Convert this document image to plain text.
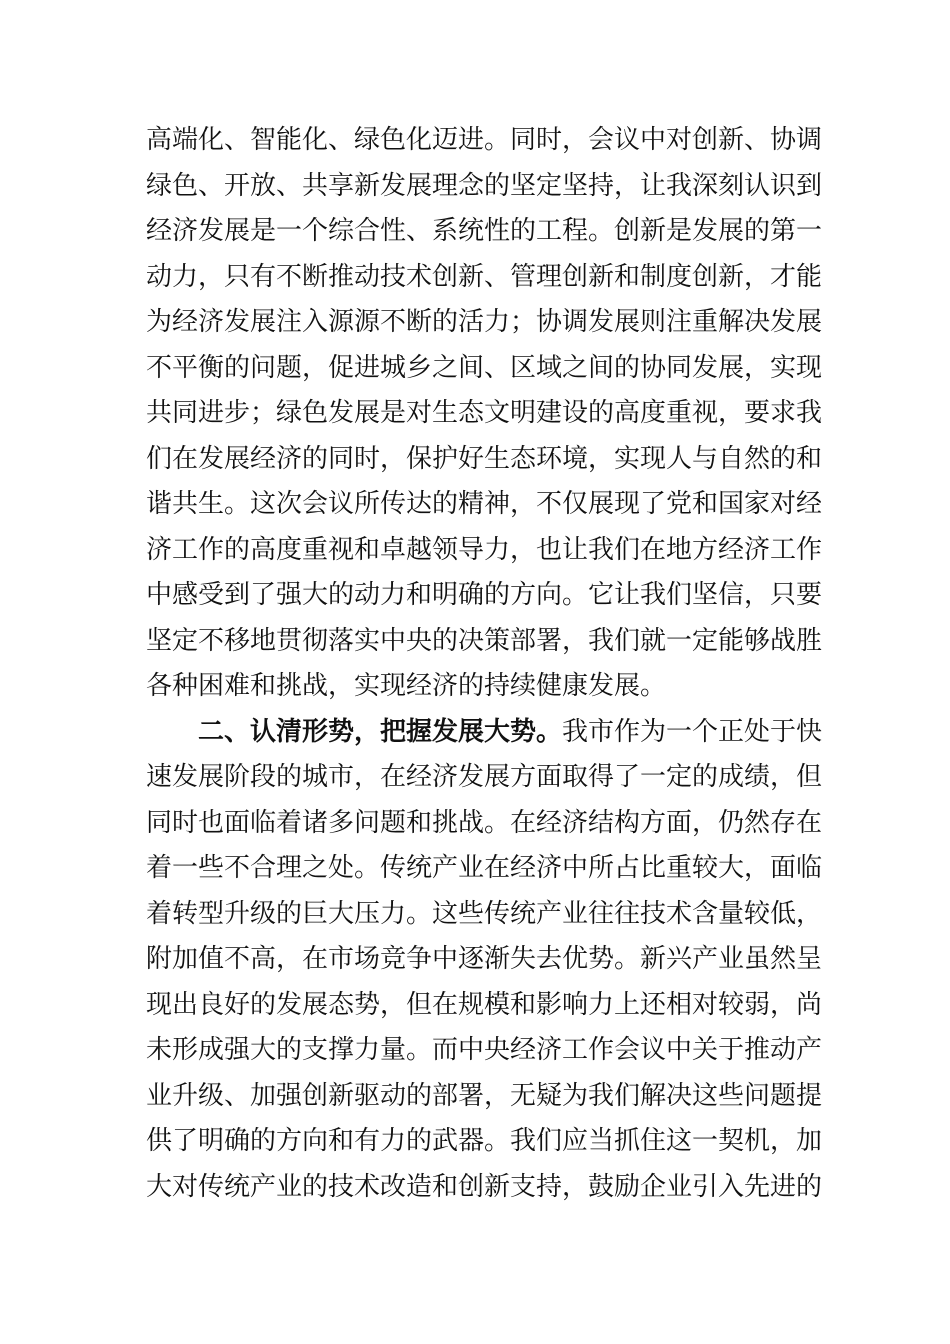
高端化、智能化、绿色化迈进。同时，会议中对创新、协调
绿色、开放、共享新发展理念的坚定坚持，让我深刻认识到
经济发展是一个综合性、系统性的工程。创新是发展的第一
动力，只有不断推动技术创新、管理创新和制度创新，才能
为经济发展注入源源不断的活力；协调发展则注重解决发展
不平衡的问题，促进城乡之间、区域之间的协同发展，实现
共同进步；绿色发展是对生态文明建设的高度重视，要求我
们在发展经济的同时，保护好生态环境，实现人与自然的和
谐共生。这次会议所传达的精神，不仅展现了党和国家对经
济工作的高度重视和卓越领导力，也让我们在地方经济工作
中感受到了强大的动力和明确的方向。它让我们坚信，只要
坚定不移地贯彻落实中央的决策部署，我们就一定能够战胜
各种困难和挑战，实现经济的持续健康发展。
二、认清形势，把握发展大势。我市作为一个正处于快
速发展阶段的城市，在经济发展方面取得了一定的成绩，但
同时也面临着诸多问题和挑战。在经济结构方面，仍然存在
着一些不合理之处。传统产业在经济中所占比重较大，面临
着转型升级的巨大压力。这些传统产业往往技术含量较低，
附加值不高，在市场竞争中逐渐失去优势。新兴产业虽然呈
现出良好的发展态势，但在规模和影响力上还相对较弱，尚
未形成强大的支撑力量。而中央经济工作会议中关于推动产
业升级、加强创新驱动的部署，无疑为我们解决这些问题提
供了明确的方向和有力的武器。我们应当抓住这一契机，加
大对传统产业的技术改造和创新支持，鼓励企业引入先进的
